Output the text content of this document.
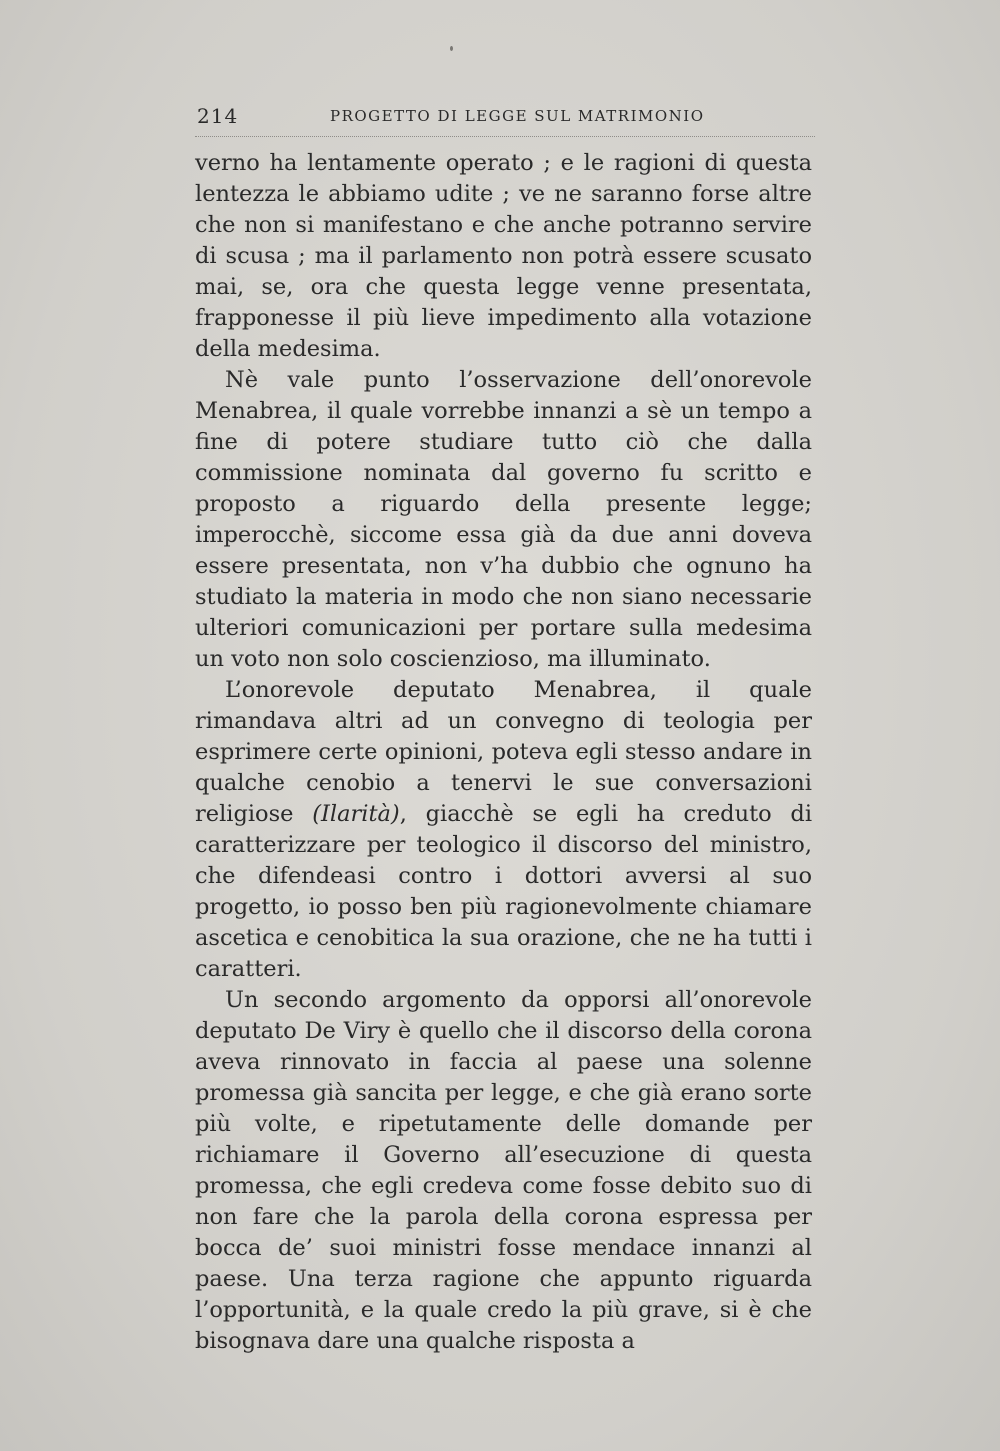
214	PROGETTO DI LEGGE SUL MATRIMONIO

verno ha lentamente operato ; e le ragioni di questa lentezza le abbiamo udite ; ve ne saranno forse altre che non si manifestano e che anche potranno servire di scusa ; ma il parlamento non potrà essere scusato mai, se, ora che questa legge venne presentata, frapponesse il più lieve impedimento alla votazione della medesima.

Nè vale punto l’osservazione dell’onorevole Menabrea, il quale vorrebbe innanzi a sè un tempo a fine di potere studiare tutto ciò che dalla commissione nominata dal governo fu scritto e proposto a riguardo della presente legge; imperocchè, siccome essa già da due anni doveva essere presentata, non v’ha dubbio che ognuno ha studiato la materia in modo che non siano necessarie ulteriori comunicazioni per portare sulla medesima un voto non solo coscienzioso, ma illuminato.

L’onorevole deputato Menabrea, il quale rimandava altri ad un convegno di teologia per esprimere certe opinioni, poteva egli stesso andare in qualche cenobio a tenervi le sue conversazioni religiose (Ilarità), giacchè se egli ha creduto di caratterizzare per teologico il discorso del ministro, che difendeasi contro i dottori avversi al suo progetto, io posso ben più ragionevolmente chiamare ascetica e cenobitica la sua orazione, che ne ha tutti i caratteri.

Un secondo argomento da opporsi all’onorevole deputato De Viry è quello che il discorso della corona aveva rinnovato in faccia al paese una solenne promessa già sancita per legge, e che già erano sorte più volte, e ripetutamente delle domande per richiamare il Governo all’esecuzione di questa promessa, che egli credeva come fosse debito suo di non fare che la parola della corona espressa per bocca de’ suoi ministri fosse mendace innanzi al paese. Una terza ragione che appunto riguarda l’opportunità, e la quale credo la più grave, si è che bisognava dare una qualche risposta a
